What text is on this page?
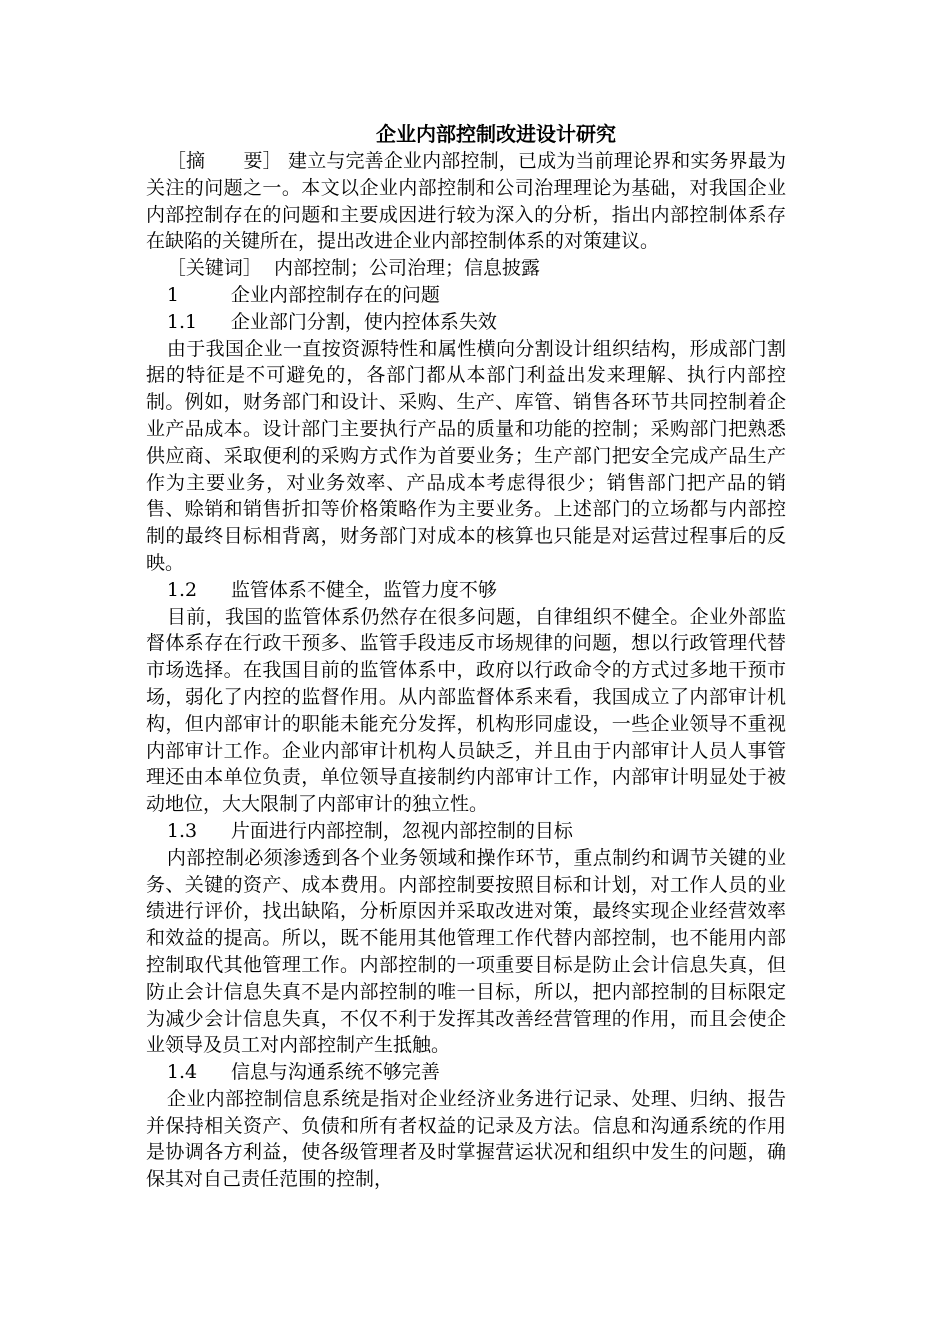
企业内部控制改进设计研究

［摘　　要］ 建立与完善企业内部控制，已成为当前理论界和实务界最为关注的问题之一。本文以企业内部控制和公司治理理论为基础，对我国企业内部控制存在的问题和主要成因进行较为深入的分析，指出内部控制体系存在缺陷的关键所在，提出改进企业内部控制体系的对策建议。

［关键词］ 内部控制；公司治理；信息披露

1	企业内部控制存在的问题

1.1 企业部门分割，使内控体系失效

由于我国企业一直按资源特性和属性横向分割设计组织结构，形成部门割据的特征是不可避免的，各部门都从本部门利益出发来理解、执行内部控制。例如，财务部门和设计、采购、生产、库管、销售各环节共同控制着企业产品成本。设计部门主要执行产品的质量和功能的控制；采购部门把熟悉供应商、采取便利的采购方式作为首要业务；生产部门把安全完成产品生产作为主要业务，对业务效率、产品成本考虑得很少；销售部门把产品的销售、赊销和销售折扣等价格策略作为主要业务。上述部门的立场都与内部控制的最终目标相背离，财务部门对成本的核算也只能是对运营过程事后的反映。

1.2 监管体系不健全，监管力度不够

目前，我国的监管体系仍然存在很多问题，自律组织不健全。企业外部监督体系存在行政干预多、监管手段违反市场规律的问题，想以行政管理代替市场选择。在我国目前的监管体系中，政府以行政命令的方式过多地干预市场，弱化了内控的监督作用。从内部监督体系来看，我国成立了内部审计机构，但内部审计的职能未能充分发挥，机构形同虚设，一些企业领导不重视内部审计工作。企业内部审计机构人员缺乏，并且由于内部审计人员人事管理还由本单位负责，单位领导直接制约内部审计工作，内部审计明显处于被动地位，大大限制了内部审计的独立性。

1.3 片面进行内部控制，忽视内部控制的目标

内部控制必须渗透到各个业务领域和操作环节，重点制约和调节关键的业务、关键的资产、成本费用。内部控制要按照目标和计划，对工作人员的业绩进行评价，找出缺陷，分析原因并采取改进对策，最终实现企业经营效率和效益的提高。所以，既不能用其他管理工作代替内部控制，也不能用内部控制取代其他管理工作。内部控制的一项重要目标是防止会计信息失真，但防止会计信息失真不是内部控制的唯一目标，所以，把内部控制的目标限定为减少会计信息失真，不仅不利于发挥其改善经营管理的作用，而且会使企业领导及员工对内部控制产生抵触。

1.4 信息与沟通系统不够完善

企业内部控制信息系统是指对企业经济业务进行记录、处理、归纳、报告并保持相关资产、负债和所有者权益的记录及方法。信息和沟通系统的作用是协调各方利益，使各级管理者及时掌握营运状况和组织中发生的问题，确保其对自己责任范围的控制，
